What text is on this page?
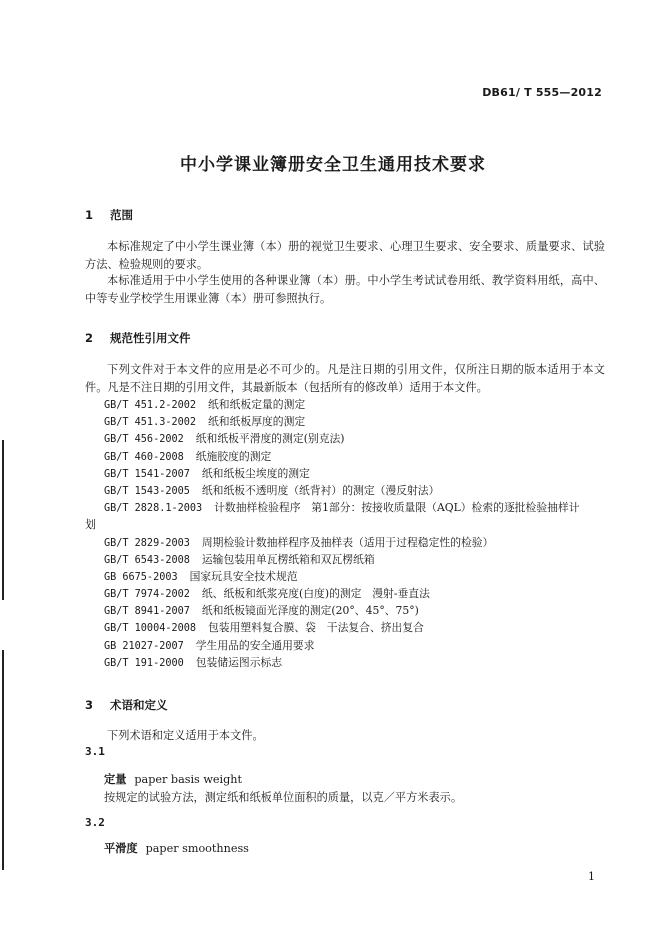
DB61/ T 555—2012
中小学课业簿册安全卫生通用技术要求
1 范围
本标准规定了中小学生课业簿（本）册的视觉卫生要求、心理卫生要求、安全要求、质量要求、试验方法、检验规则的要求。
本标准适用于中小学生使用的各种课业簿（本）册。中小学生考试试卷用纸、教学资料用纸，高中、中等专业学校学生用课业簿（本）册可参照执行。
2 规范性引用文件
下列文件对于本文件的应用是必不可少的。凡是注日期的引用文件，仅所注日期的版本适用于本文件。凡是不注日期的引用文件，其最新版本（包括所有的修改单）适用于本文件。
GB/T 451.2-2002 纸和纸板定量的测定
GB/T 451.3-2002 纸和纸板厚度的测定
GB/T 456-2002 纸和纸板平滑度的测定(别克法)
GB/T 460-2008 纸施胶度的测定
GB/T 1541-2007 纸和纸板尘埃度的测定
GB/T 1543-2005 纸和纸板不透明度（纸背衬）的测定（漫反射法）
GB/T 2828.1-2003 计数抽样检验程序　第1部分：按接收质量限（AQL）检索的逐批检验抽样计
划
GB/T 2829-2003 周期检验计数抽样程序及抽样表（适用于过程稳定性的检验）
GB/T 6543-2008 运输包装用单瓦楞纸箱和双瓦楞纸箱
GB 6675-2003 国家玩具安全技术规范
GB/T 7974-2002 纸、纸板和纸浆亮度(白度)的测定　漫射-垂直法
GB/T 8941-2007 纸和纸板镜面光泽度的测定(20°、45°、75°)
GB/T 10004-2008 包装用塑料复合膜、袋　干法复合、挤出复合
GB 21027-2007 学生用品的安全通用要求
GB/T 191-2000 包装储运图示标志
3 术语和定义
下列术语和定义适用于本文件。
3.1
定量 paper basis weight
按规定的试验方法，测定纸和纸板单位面积的质量，以克／平方米表示。
3.2
平滑度 paper smoothness
1
